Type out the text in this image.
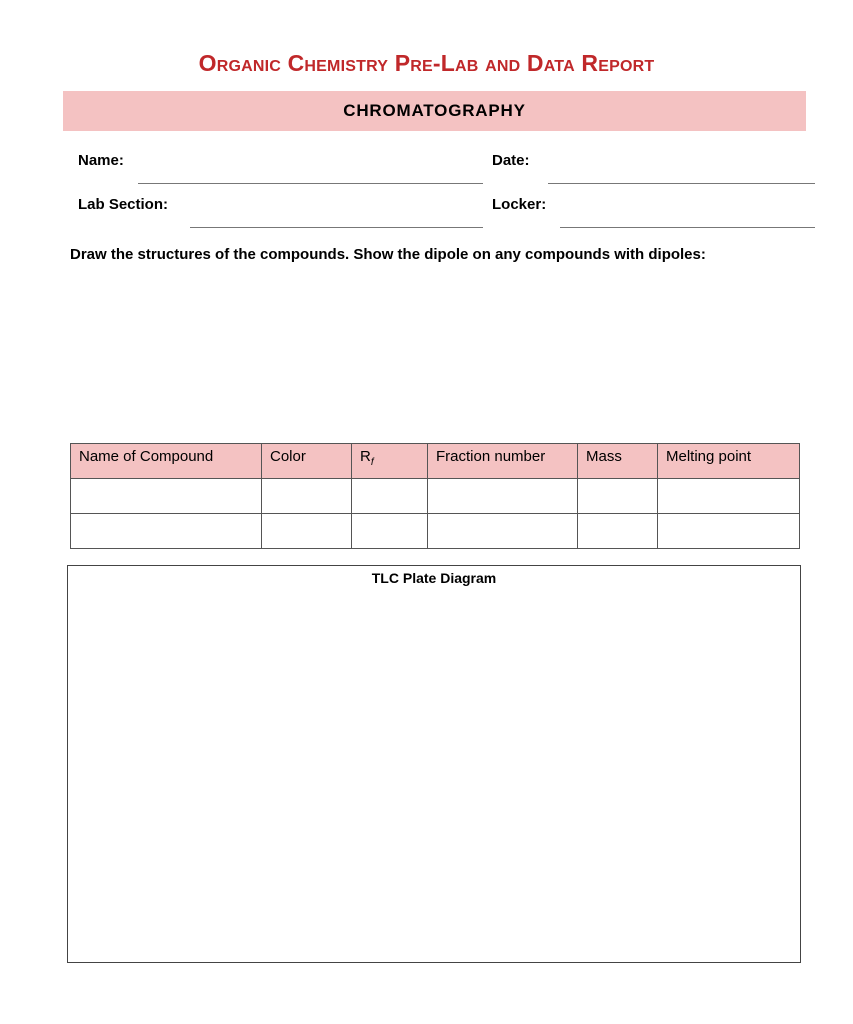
Organic Chemistry Pre-Lab and Data Report
CHROMATOGRAPHY
Name:	Date:
Lab Section:	Locker:
Draw the structures of the compounds. Show the dipole on any compounds with dipoles:
Name of Compound	Color	$R_f$	Fraction number	Mass	Melting point

TLC Plate Diagram
